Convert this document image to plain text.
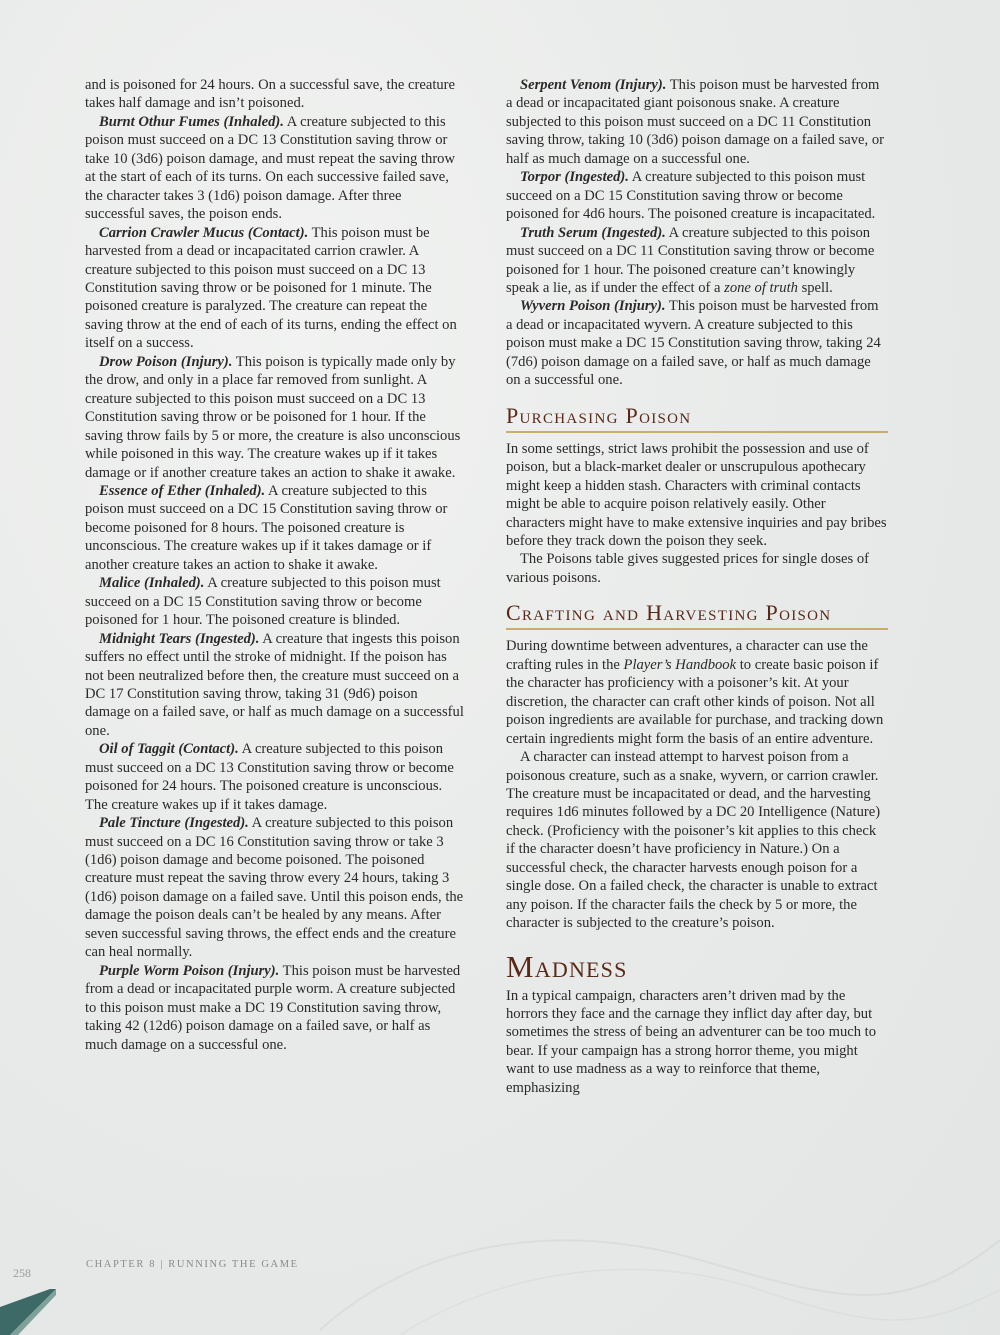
and is poisoned for 24 hours. On a successful save, the creature takes half damage and isn’t poisoned.

Burnt Othur Fumes (Inhaled). A creature subjected to this poison must succeed on a DC 13 Constitution saving throw or take 10 (3d6) poison damage, and must repeat the saving throw at the start of each of its turns. On each successive failed save, the character takes 3 (1d6) poison damage. After three successful saves, the poison ends.

Carrion Crawler Mucus (Contact). This poison must be harvested from a dead or incapacitated carrion crawler. A creature subjected to this poison must succeed on a DC 13 Constitution saving throw or be poisoned for 1 minute. The poisoned creature is paralyzed. The creature can repeat the saving throw at the end of each of its turns, ending the effect on itself on a success.

Drow Poison (Injury). This poison is typically made only by the drow, and only in a place far removed from sunlight. A creature subjected to this poison must succeed on a DC 13 Constitution saving throw or be poisoned for 1 hour. If the saving throw fails by 5 or more, the creature is also unconscious while poisoned in this way. The creature wakes up if it takes damage or if another creature takes an action to shake it awake.

Essence of Ether (Inhaled). A creature subjected to this poison must succeed on a DC 15 Constitution saving throw or become poisoned for 8 hours. The poisoned creature is unconscious. The creature wakes up if it takes damage or if another creature takes an action to shake it awake.

Malice (Inhaled). A creature subjected to this poison must succeed on a DC 15 Constitution saving throw or become poisoned for 1 hour. The poisoned creature is blinded.

Midnight Tears (Ingested). A creature that ingests this poison suffers no effect until the stroke of midnight. If the poison has not been neutralized before then, the creature must succeed on a DC 17 Constitution saving throw, taking 31 (9d6) poison damage on a failed save, or half as much damage on a successful one.

Oil of Taggit (Contact). A creature subjected to this poison must succeed on a DC 13 Constitution saving throw or become poisoned for 24 hours. The poisoned creature is unconscious. The creature wakes up if it takes damage.

Pale Tincture (Ingested). A creature subjected to this poison must succeed on a DC 16 Constitution saving throw or take 3 (1d6) poison damage and become poisoned. The poisoned creature must repeat the saving throw every 24 hours, taking 3 (1d6) poison damage on a failed save. Until this poison ends, the damage the poison deals can’t be healed by any means. After seven successful saving throws, the effect ends and the creature can heal normally.

Purple Worm Poison (Injury). This poison must be harvested from a dead or incapacitated purple worm. A creature subjected to this poison must make a DC 19 Constitution saving throw, taking 42 (12d6) poison damage on a failed save, or half as much damage on a successful one.

Serpent Venom (Injury). This poison must be harvested from a dead or incapacitated giant poisonous snake. A creature subjected to this poison must succeed on a DC 11 Constitution saving throw, taking 10 (3d6) poison damage on a failed save, or half as much damage on a successful one.

Torpor (Ingested). A creature subjected to this poison must succeed on a DC 15 Constitution saving throw or become poisoned for 4d6 hours. The poisoned creature is incapacitated.

Truth Serum (Ingested). A creature subjected to this poison must succeed on a DC 11 Constitution saving throw or become poisoned for 1 hour. The poisoned creature can’t knowingly speak a lie, as if under the effect of a zone of truth spell.

Wyvern Poison (Injury). This poison must be harvested from a dead or incapacitated wyvern. A creature subjected to this poison must make a DC 15 Constitution saving throw, taking 24 (7d6) poison damage on a failed save, or half as much damage on a successful one.

Purchasing Poison

In some settings, strict laws prohibit the possession and use of poison, but a black-market dealer or unscrupulous apothecary might keep a hidden stash. Characters with criminal contacts might be able to acquire poison relatively easily. Other characters might have to make extensive inquiries and pay bribes before they track down the poison they seek.

The Poisons table gives suggested prices for single doses of various poisons.

Crafting and Harvesting Poison

During downtime between adventures, a character can use the crafting rules in the Player’s Handbook to create basic poison if the character has proficiency with a poisoner’s kit. At your discretion, the character can craft other kinds of poison. Not all poison ingredients are available for purchase, and tracking down certain ingredients might form the basis of an entire adventure.

A character can instead attempt to harvest poison from a poisonous creature, such as a snake, wyvern, or carrion crawler. The creature must be incapacitated or dead, and the harvesting requires 1d6 minutes followed by a DC 20 Intelligence (Nature) check. (Proficiency with the poisoner’s kit applies to this check if the character doesn’t have proficiency in Nature.) On a successful check, the character harvests enough poison for a single dose. On a failed check, the character is unable to extract any poison. If the character fails the check by 5 or more, the character is subjected to the creature’s poison.

Madness

In a typical campaign, characters aren’t driven mad by the horrors they face and the carnage they inflict day after day, but sometimes the stress of being an adventurer can be too much to bear. If your campaign has a strong horror theme, you might want to use madness as a way to reinforce that theme, emphasizing

258
CHAPTER 8 | RUNNING THE GAME
